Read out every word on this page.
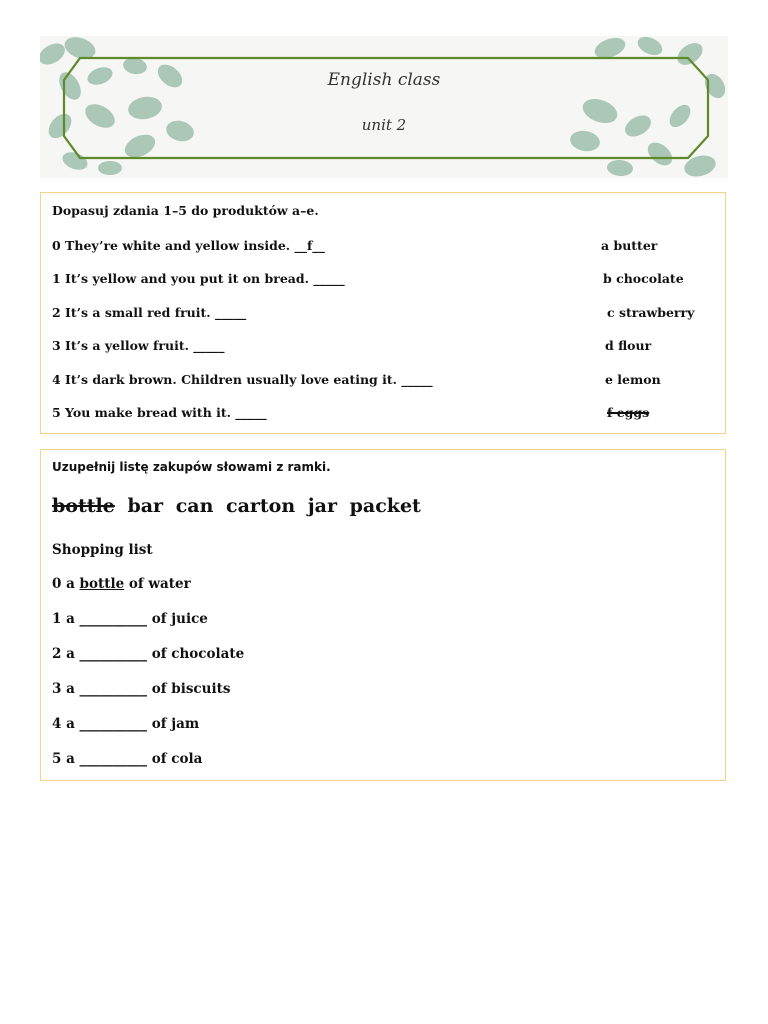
English class
unit 2
Dopasuj zdania 1–5 do produktów a–e.
0 They’re white and yellow inside. __f__
1 It’s yellow and you put it on bread. _____
2 It’s a small red fruit. _____
3 It’s a yellow fruit. _____
4 It’s dark brown. Children usually love eating it. _____
5 You make bread with it. _____
a butter
b chocolate
c strawberry
d flour
e lemon
f eggs
Uzupełnij listę zakupów słowami z ramki.
bottle bar can carton jar packet
Shopping list
0 a bottle of water
1 a __________ of juice
2 a __________ of chocolate
3 a __________ of biscuits
4 a __________ of jam
5 a __________ of cola
